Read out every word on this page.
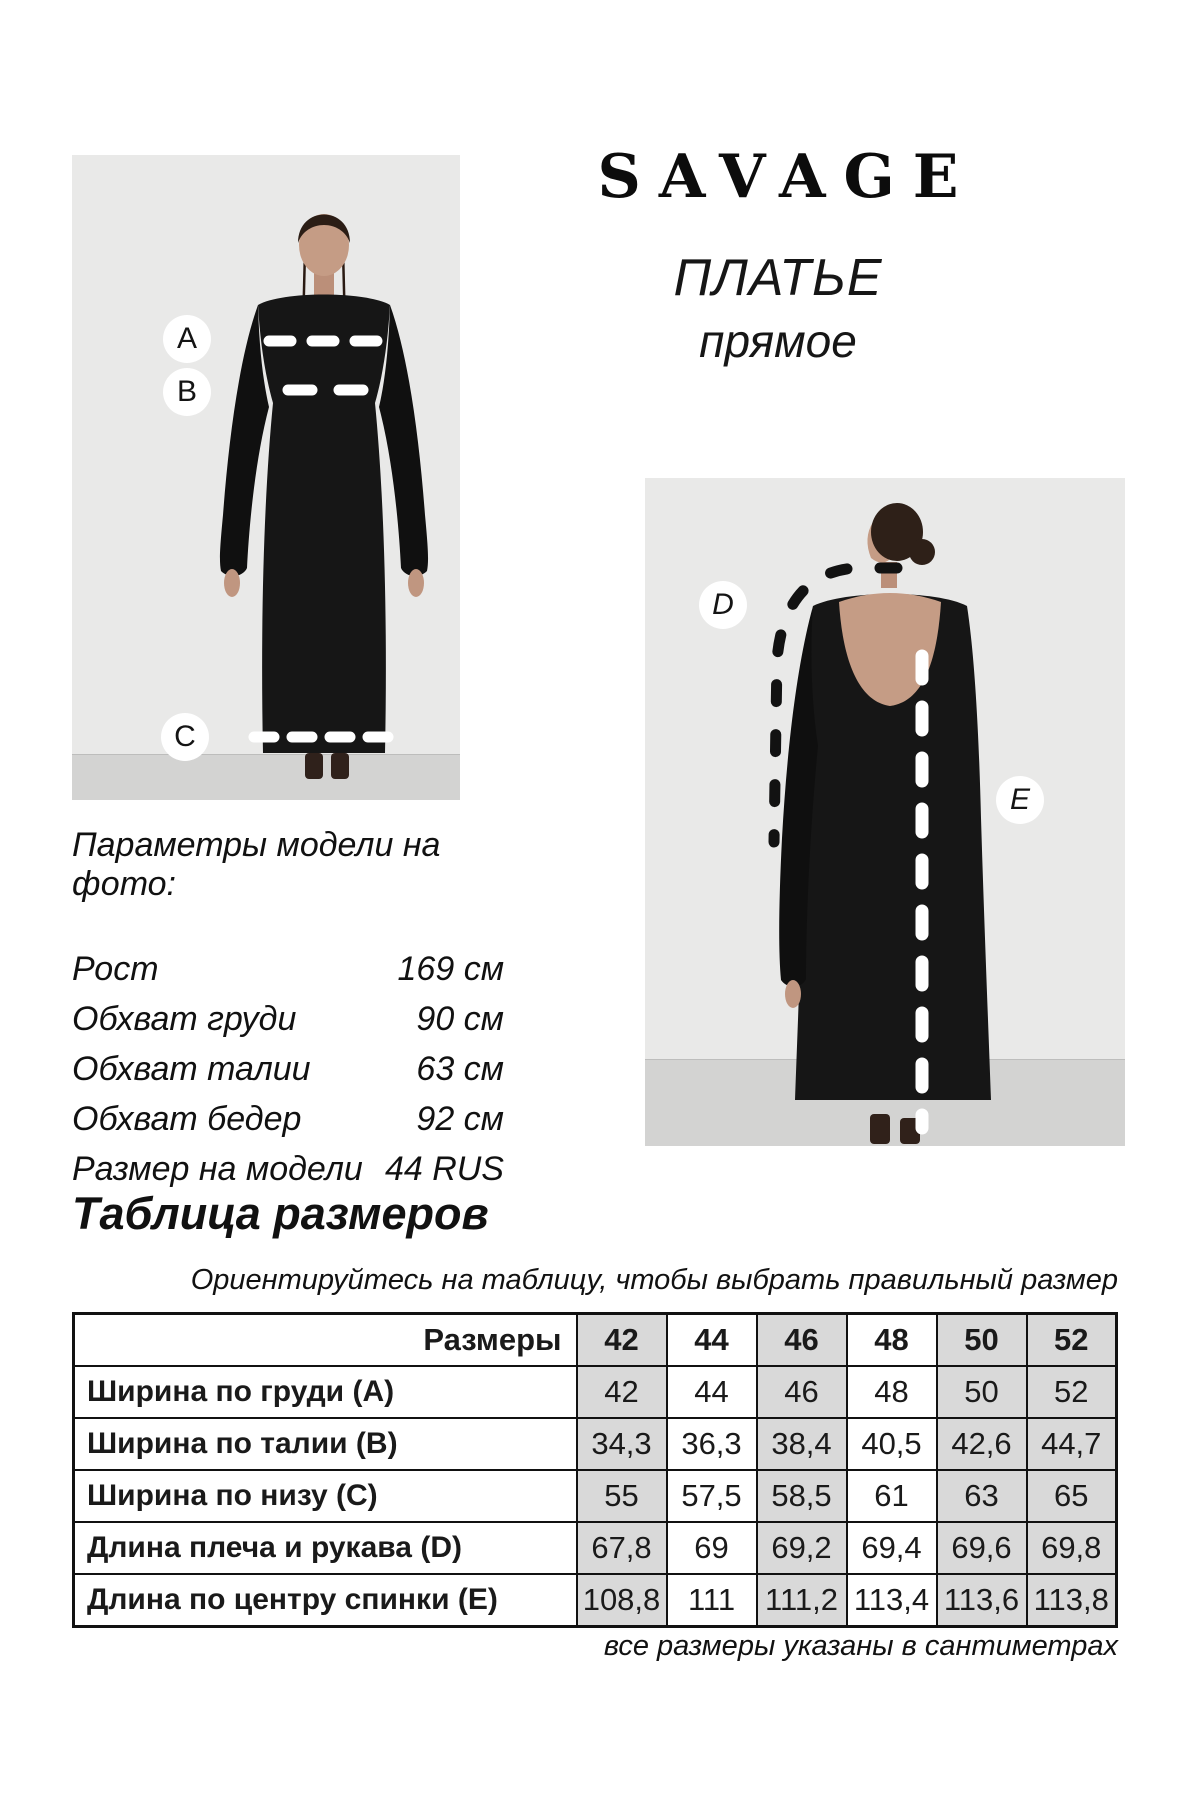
A
B
C
SAVAGE
ПЛАТЬЕ
прямое
D
E

Параметры модели на фото:

Рост	169 см
Обхват груди	90 см
Обхват талии	63 см
Обхват бедер	92 см
Размер на модели 44 RUS
Таблица размеров
Ориентируйтесь на таблицу, чтобы выбрать правильный размер
Размеры	42	44	46	48	50	52
Ширина по груди (A)	42	44	46	48	50	52
Ширина по талии (B)	34,3	36,3	38,4	40,5	42,6	44,7
Ширина по низу (C)	55	57,5	58,5	61	63	65
Длина плеча и рукава (D)	67,8	69	69,2	69,4	69,6	69,8
Длина по центру спинки (E)	108,8	111	111,2	113,4	113,6	113,8
все размеры указаны в сантиметрах
